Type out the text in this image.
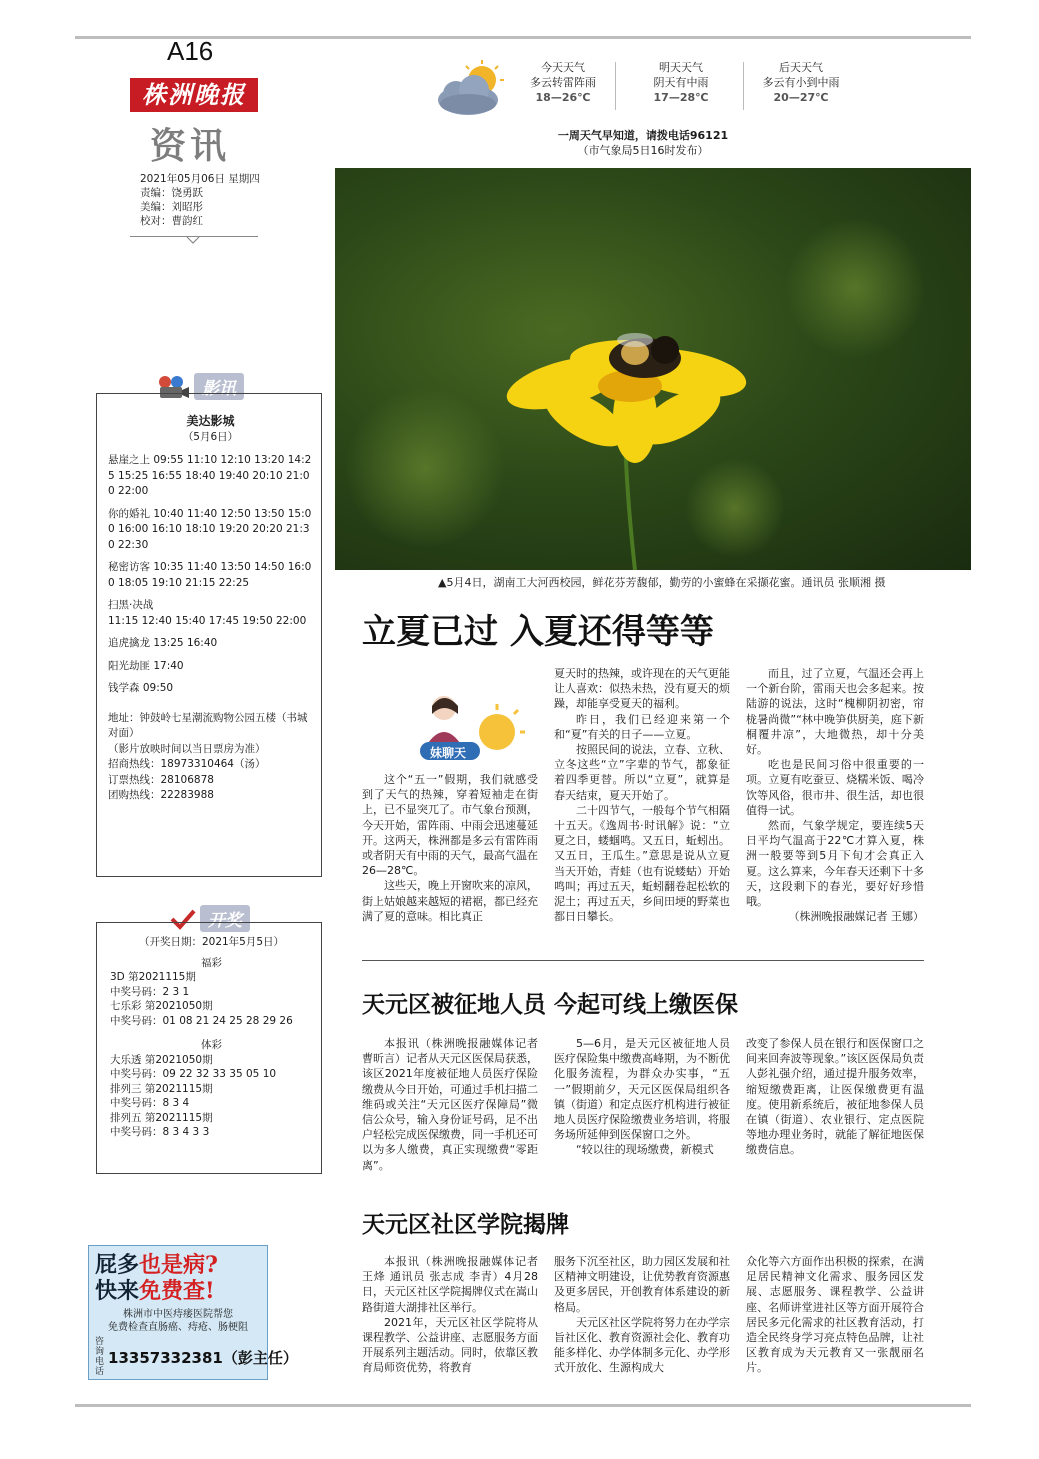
A16
株洲晚报
资讯
2021年05月06日 星期四
责编：饶勇跃
美编：刘昭彤
校对：曹韵红
今天天气
多云转雷阵雨
18—26℃
明天天气
阴天有中雨
17—28℃
后天天气
多云有小到中雨
20—27℃
一周天气早知道，请拨电话96121
（市气象局5日16时发布）
▲5月4日，湖南工大河西校园，鲜花芬芳馥郁，勤劳的小蜜蜂在采撷花蜜。通讯员 张顺湘 摄
立夏已过 入夏还得等等
妹聊天

这个“五一”假期，我们就感受到了天气的热辣，穿着短袖走在街上，已不显突兀了。市气象台预测，今天开始，雷阵雨、中雨会迅速蔓延开。这两天，株洲都是多云有雷阵雨或者阴天有中雨的天气，最高气温在26—28℃。

这些天，晚上开窗吹来的凉风，街上姑娘越来越短的裙裾，都已经充满了夏的意味。相比真正

夏天时的热辣，或许现在的天气更能让人喜欢：似热未热，没有夏天的烦躁，却能享受夏天的福利。

昨日，我们已经迎来第一个和“夏”有关的日子——立夏。

按照民间的说法，立春、立秋、立冬这些“立”字辈的节气，都象征着四季更替。所以“立夏”，就算是春天结束，夏天开始了。

二十四节气，一般每个节气相隔十五天。《逸周书·时讯解》说：“立夏之日，蝼蝈鸣。又五日，蚯蚓出。又五日，王瓜生。”意思是说从立夏当天开始，青蛙（也有说蝼蛄）开始鸣叫；再过五天，蚯蚓翻卷起松软的泥土；再过五天，乡间田埂的野菜也都日日攀长。

而且，过了立夏，气温还会再上一个新台阶，雷雨天也会多起来。按陆游的说法，这时“槐柳阴初密，帘栊暑尚微”“林中晚笋供厨美，庭下新桐覆井凉”，大地微热，却十分美好。

吃也是民间习俗中很重要的一项。立夏有吃蚕豆、烧糯米饭、喝冷饮等风俗，很市井、很生活，却也很值得一试。

然而，气象学规定，要连续5天日平均气温高于22℃才算入夏，株洲一般要等到5月下旬才会真正入夏。这么算来，今年春天还剩下十多天，这段剩下的春光，要好好珍惜哦。

（株洲晚报融媒记者 王娜）

天元区被征地人员 今起可线上缴医保

本报讯（株洲晚报融媒体记者 曹昕言）记者从天元区医保局获悉，该区2021年度被征地人员医疗保险缴费从今日开始，可通过手机扫描二维码或关注“天元区医疗保障局”微信公众号，输入身份证号码，足不出户轻松完成医保缴费，同一手机还可以为多人缴费，真正实现缴费“零距离”。

5—6月，是天元区被征地人员医疗保险集中缴费高峰期，为不断优化服务流程，为群众办实事，“五一”假期前夕，天元区医保局组织各镇（街道）和定点医疗机构进行被征地人员医疗保险缴费业务培训，将服务场所延伸到医保窗口之外。

“较以往的现场缴费，新模式

改变了参保人员在银行和医保窗口之间来回奔波等现象。”该区医保局负责人彭礼强介绍，通过提升服务效率，缩短缴费距离，让医保缴费更有温度。使用新系统后，被征地参保人员在镇（街道）、农业银行、定点医院等地办理业务时，就能了解征地医保缴费信息。

天元区社区学院揭牌

本报讯（株洲晚报融媒体记者 王烽 通讯员 张志成 李青）4月28日，天元区社区学院揭牌仪式在嵩山路街道大湖排社区举行。

2021年，天元区社区学院将从课程教学、公益讲座、志愿服务方面开展系列主题活动。同时，依靠区教育局师资优势，将教育

服务下沉至社区，助力园区发展和社区精神文明建设，让优势教育资源惠及更多居民，开创教育体系建设的新格局。

天元区社区学院将努力在办学宗旨社区化、教育资源社会化、教育功能多样化、办学体制多元化、办学形式开放化、生源构成大

众化等六方面作出积极的探索，在满足居民精神文化需求、服务园区发展、志愿服务、课程教学、公益讲座、名师讲堂进社区等方面开展符合居民多元化需求的社区教育活动，打造全民终身学习亮点特色品牌，让社区教育成为天元教育又一张靓丽名片。

影讯
美达影城
（5月6日）
悬崖之上 09:55 11:10 12:10 13:20 14:25 15:25 16:55 18:40 19:40 20:10 21:00 22:00
你的婚礼 10:40 11:40 12:50 13:50 15:00 16:00 16:10 18:10 19:20 20:20 21:30 22:30
秘密访客 10:35 11:40 13:50 14:50 16:00 18:05 19:10 21:15 22:25
扫黑·决战
11:15 12:40 15:40 17:45 19:50 22:00
追虎擒龙 13:25 16:40
阳光劫匪 17:40
钱学森 09:50
地址：钟鼓岭七星潮流购物公园五楼（书城对面）
（影片放映时间以当日票房为准）
招商热线：18973310464（汤）
订票热线：28106878
团购热线：22283988
开奖
（开奖日期：2021年5月5日）
福彩
3D 第2021115期
中奖号码：2 3 1
七乐彩 第2021050期
中奖号码：01 08 21 24 25 28 29 26
体彩
大乐透 第2021050期
中奖号码：09 22 32 33 35 05 10
排列三 第2021115期
中奖号码：8 3 4
排列五 第2021115期
中奖号码：8 3 4 3 3
屁多也是病?
快来免费查!
株洲市中医痔瘘医院帮您
免费检查直肠癌、痔疮、肠梗阻
咨询电话
13357332381（彭主任）
